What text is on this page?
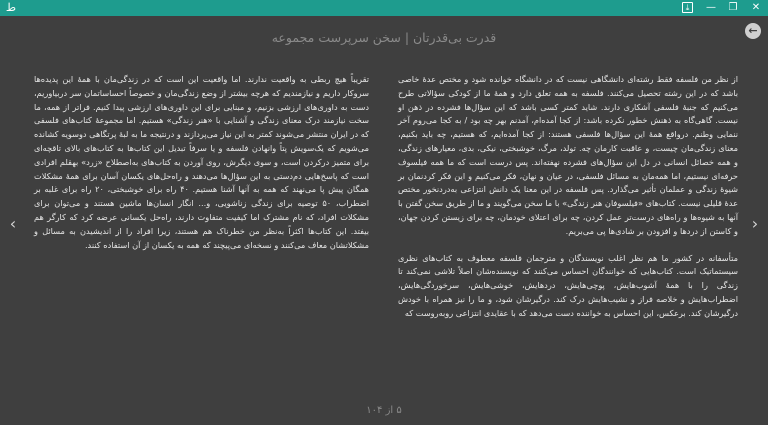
ط	⤓	—	❐	✕
قدرت بی‌قدرتان | سخن سرپرست مجموعه	←
‹	›

از نظر من فلسفه فقط رشته‌ای دانشگاهی نیست که در دانشگاه خوانده شود و مختص عدهٔ خاصی باشد که در این رشته تحصیل می‌کنند. فلسفه به همه تعلق دارد و همهٔ ما از کودکی سؤالاتی طرح می‌کنیم که جنبهٔ فلسفی آشکاری دارند. شاید کمتر کسی باشد که این سؤال‌ها فشرده در ذهن او نیست. گاهی‌گاه به ذهنش خطور نکرده باشد: از کجا آمده‌ام، آمدنم بهر چه بود / به کجا می‌روم آخر ننمایی وطنم. درواقع همهٔ این سؤال‌ها فلسفی هستند: از کجا آمده‌ایم، که هستیم، چه باید بکنیم، معنای زندگی‌مان چیست، و عاقبت کارمان چه. تولد، مرگ، خوشبختی، نیکی، بدی، معیارهای زندگی، و همه خصائل انسانی در دل این سؤال‌های فشرده نهفته‌اند. پس درست است که ما همه فیلسوف حرفه‌ای نیستیم، اما همه‌مان به مسائل فلسفی، در عیان و نهان، فکر می‌کنیم و این فکر کردنمان بر شیوهٔ زندگی و عملمان تأثیر می‌گذارد. پس فلسفه در این معنا یک دانش انتزاعی به‌دردنخور مختص عدهٔ قلیلی نیست. کتاب‌های «فیلسوفان هنر زندگی» با ما سخن می‌گویند و ما از طریق سخن گفتن با آنها به شیوه‌ها و راه‌های درست‌تر عمل کردن، چه برای اعتلای خودمان، چه برای زیستن کردن جهان، و کاستن از دردها و افزودن بر شادی‌ها پی می‌بریم.

متأسفانه در کشور ما هم نظر اغلب نویسندگان و مترجمان فلسفه معطوف به کتاب‌های نظری سیستماتیک است. کتاب‌هایی که خوانندگان احساس می‌کنند که نویسنده‌شان اصلاً تلاشی نمی‌کند تا زندگی را با همهٔ آشوب‌هایش، پوچی‌هایش، دردهایش، خوشی‌هایش، سرخوردگی‌هایش، اضطراب‌هایش و خلاصه فراز و نشیب‌هایش درک کند. درگیرشان شود، و ما را نیز همراه با خودش درگیرشان کند. برعکس، این احساس به خواننده دست می‌دهد که با عقایدی انتزاعی روبه‌روست که

تقریباً هیچ ربطی به واقعیت ندارند. اما واقعیت این است که در زندگی‌مان با همهٔ این پدیده‌ها سروکار داریم و نیازمندیم که هرچه بیشتر از وضع زندگی‌مان و خصوصاً احساساتمان سر دربیاوریم، دست به داوری‌های ارزشی بزنیم، و مبنایی برای این داوری‌های ارزشی پیدا کنیم. فراتر از همه، ما سخت نیازمند درک معنای زندگی و آشنایی با «هنر زندگی» هستیم. اما مجموعهٔ کتاب‌های فلسفی که در ایران منتشر می‌شوند کمتر به این نیاز می‌پردازند و درنتیجه ما به لبهٔ پرتگاهی دوسویه کشانده می‌شویم که یک‌سویش پتاً وانهادن فلسفه و یا سرفاً تبدیل این کتاب‌ها به کتاب‌های بالای تاقچه‌ای برای متمیز درکردن است، و سوی دیگرش، روی آوردن به کتاب‌های به‌اصطلاح «زرد» بهقلم افرادی است که پاسخ‌هایی دم‌دستی به این سؤال‌ها می‌دهند و راه‌حل‌های یکسان آسان برای همهٔ مشکلات همگان پیش پا می‌نهند که همه به آنها آشنا هستیم. ۴۰ راه برای خوشبختی، ۲۰ راه برای غلبه بر اضطراب، ۵۰ توصیه برای زندگی زناشویی، و... انگار انسان‌ها ماشین هستند و می‌توان برای مشکلات افراد، که نام مشترک اما کیفیت متفاوت دارند، راه‌حل یکسانی عرضه کرد که کارگر هم بیفتد. این کتاب‌ها اکثراً به‌نظر من خطرناک هم هستند، زیرا افراد را از اندیشیدن به مسائل و مشکلاتشان معاف می‌کنند و نسخه‌ای می‌پیچند که همه به یکسان از آن استفاده کنند.

۵ از ۱۰۴
